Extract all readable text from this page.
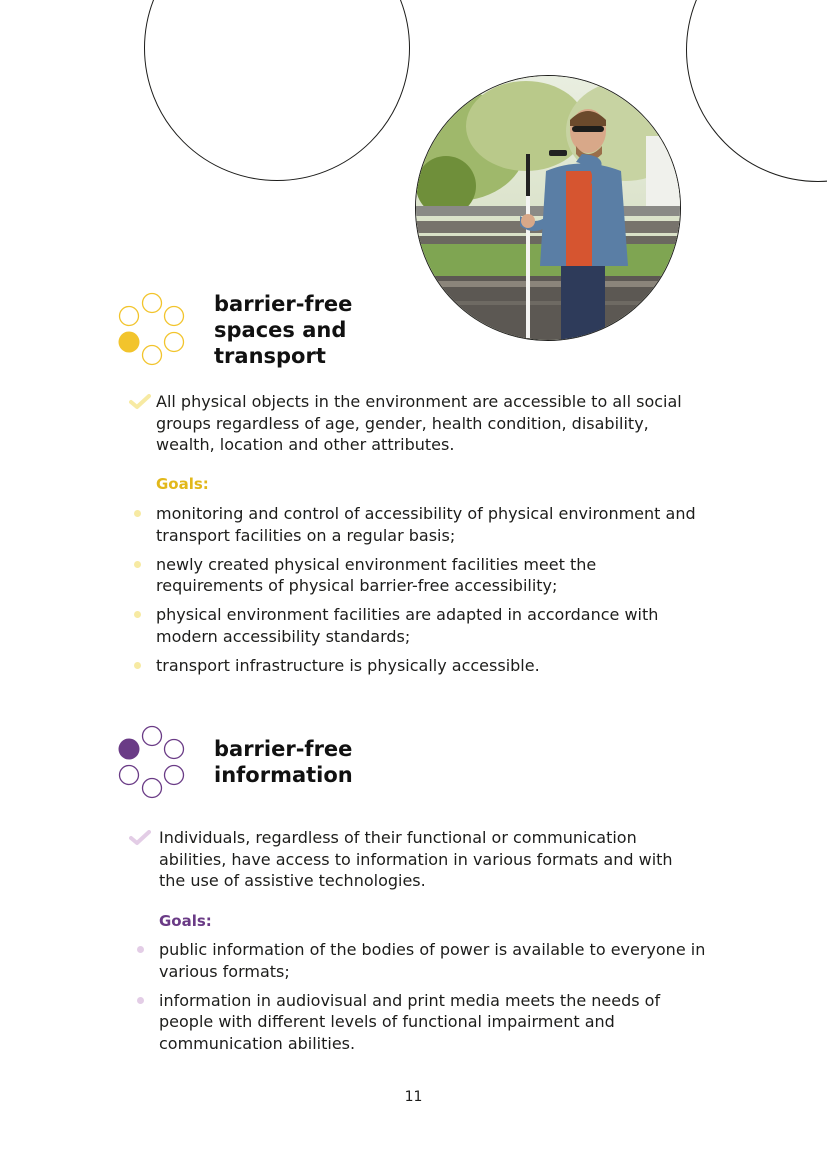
barrier-free
spaces and
transport
All physical objects in the environment are accessible to all social groups regardless of age, gender, health condition, disability, wealth, location and other attributes.
Goals:
monitoring and control of accessibility of physical environment and transport facilities on a regular basis;
newly created physical environment facilities meet the requirements of physical barrier-free accessibility;
physical environment facilities are adapted in accordance with modern accessibility standards;
transport infrastructure is physically accessible.
barrier-free
information
Individuals, regardless of their functional or communication abilities, have access to information in various formats and with the use of assistive technologies.
Goals:
public information of the bodies of power is available to everyone in various formats;
information in audiovisual and print media meets the needs of people with different levels of functional impairment and communication abilities.
11
